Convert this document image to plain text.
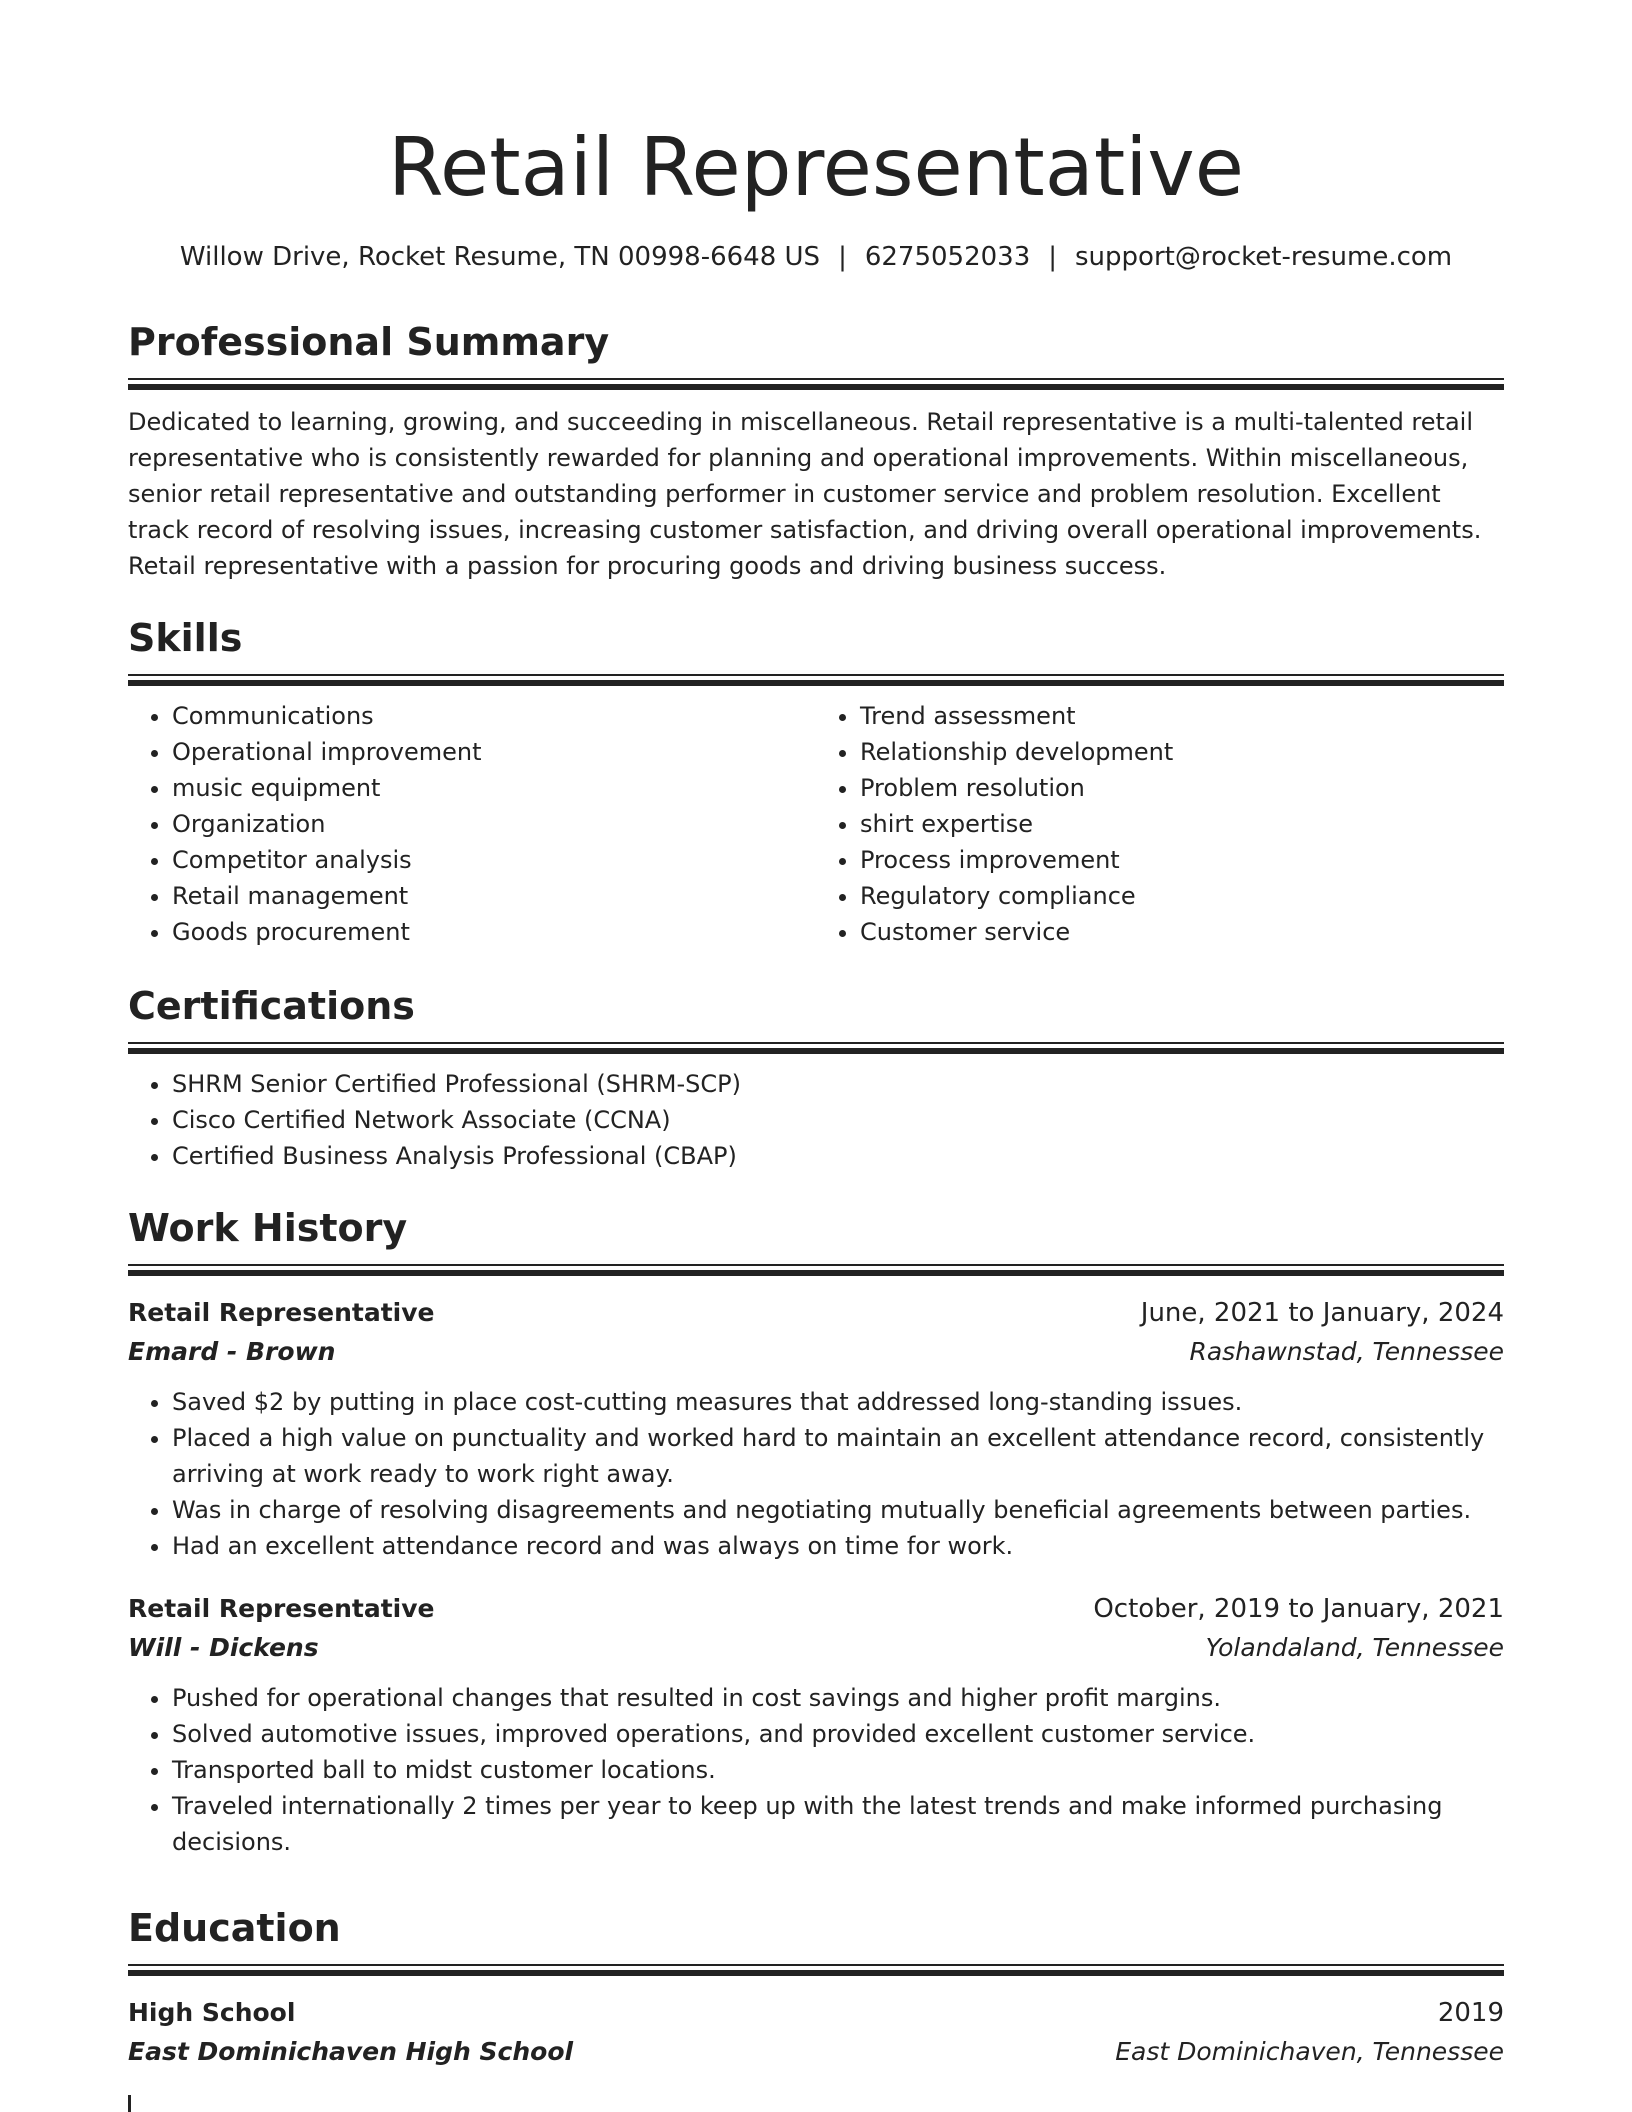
Retail Representative
Willow Drive, Rocket Resume, TN 00998-6648 US | 6275052033 | support@rocket-resume.com
Professional Summary

Dedicated to learning, growing, and succeeding in miscellaneous. Retail representative is a multi-talented retail representative who is consistently rewarded for planning and operational improvements. Within miscellaneous, senior retail representative and outstanding performer in customer service and problem resolution. Excellent track record of resolving issues, increasing customer satisfaction, and driving overall operational improvements. Retail representative with a passion for procuring goods and driving business success.

Skills
• Communications
• Operational improvement
• music equipment
• Organization
• Competitor analysis
• Retail management
• Goods procurement
• Trend assessment
• Relationship development
• Problem resolution
• shirt expertise
• Process improvement
• Regulatory compliance
• Customer service
Certifications
• SHRM Senior Certified Professional (SHRM-SCP)
• Cisco Certified Network Associate (CCNA)
• Certified Business Analysis Professional (CBAP)
Work History
Retail Representative	June, 2021 to January, 2024
Emard - Brown	Rashawnstad, Tennessee
• Saved $2 by putting in place cost-cutting measures that addressed long-standing issues.
• Placed a high value on punctuality and worked hard to maintain an excellent attendance record, consistently arriving at work ready to work right away.
• Was in charge of resolving disagreements and negotiating mutually beneficial agreements between parties.
• Had an excellent attendance record and was always on time for work.
Retail Representative	October, 2019 to January, 2021
Will - Dickens	Yolandaland, Tennessee
• Pushed for operational changes that resulted in cost savings and higher profit margins.
• Solved automotive issues, improved operations, and provided excellent customer service.
• Transported ball to midst customer locations.
• Traveled internationally 2 times per year to keep up with the latest trends and make informed purchasing decisions.
Education
High School	2019
East Dominichaven High School	East Dominichaven, Tennessee
